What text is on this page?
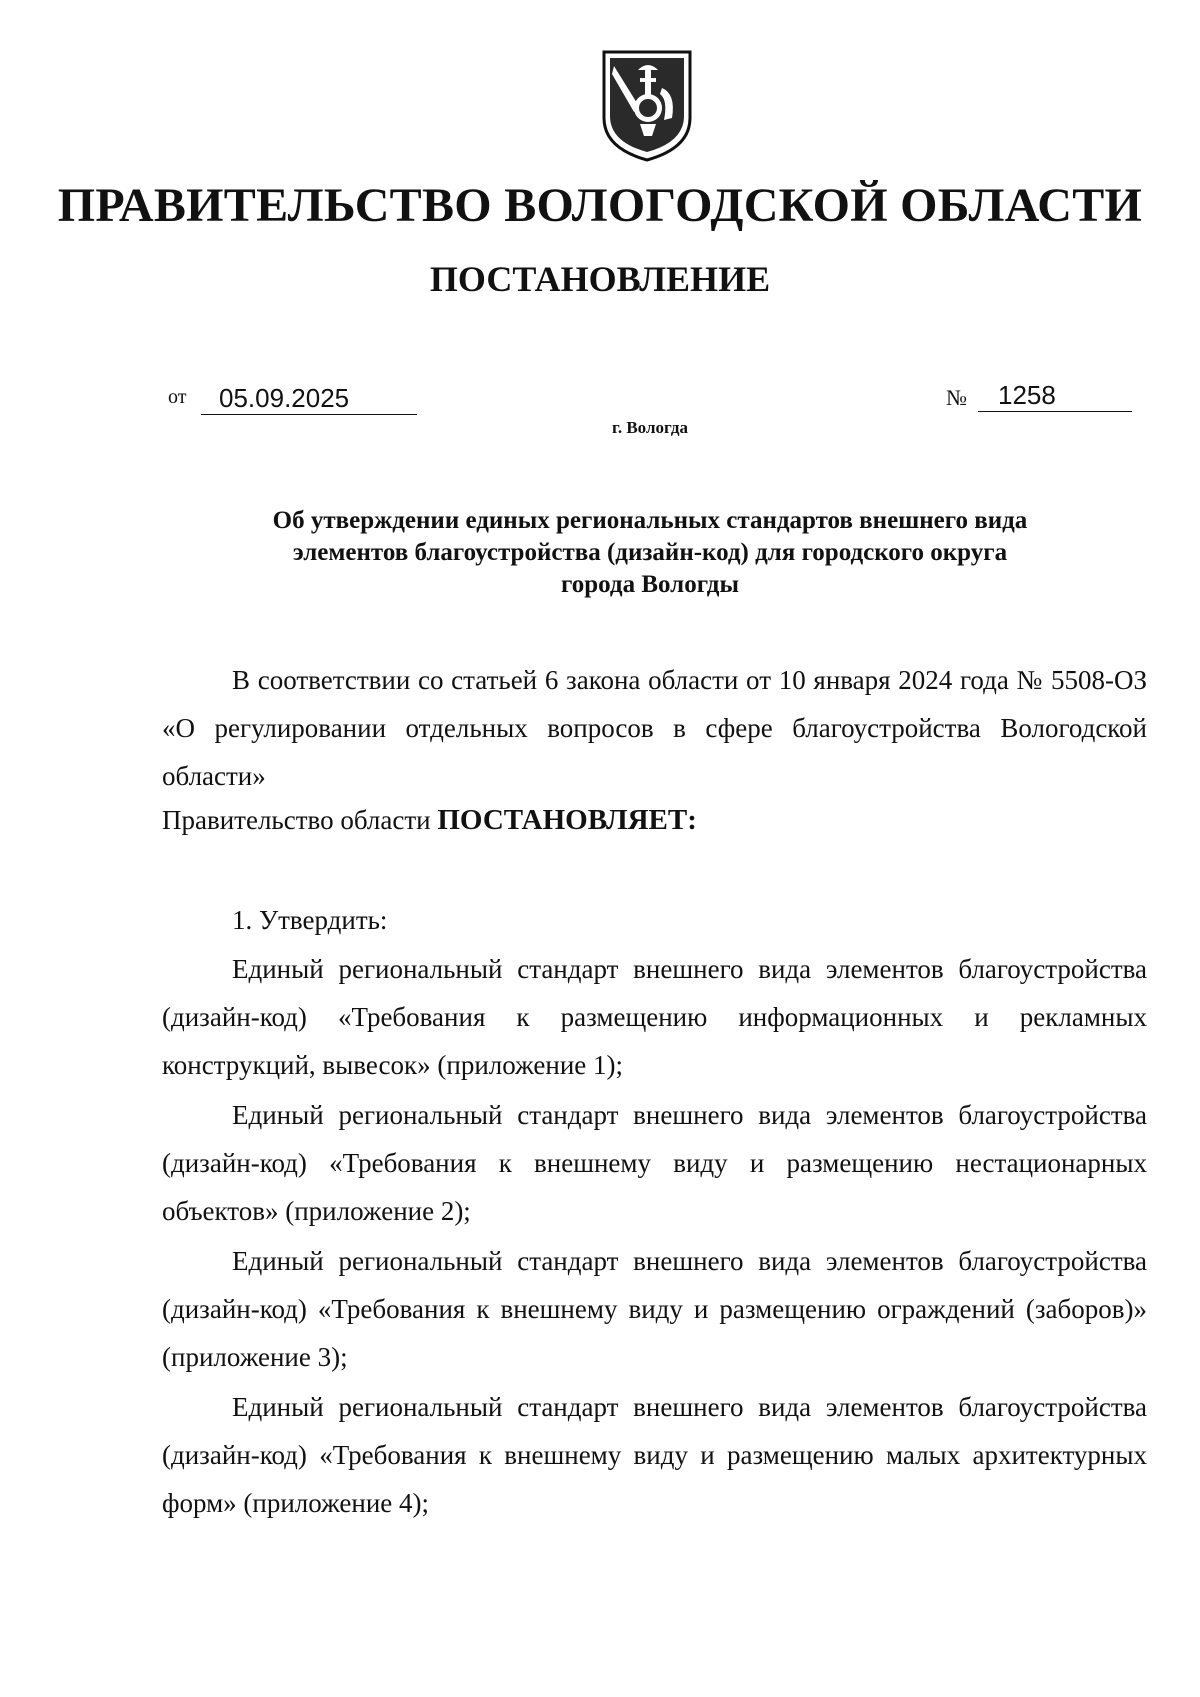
ПРАВИТЕЛЬСТВО ВОЛОГОДСКОЙ ОБЛАСТИ
ПОСТАНОВЛЕНИЕ
от	05.09.2025	№	1258
г. Вологда
Об утверждении единых региональных стандартов внешнего вида
элементов благоустройства (дизайн-код) для городского округа
города Вологды

В соответствии со статьей 6 закона области от 10 января 2024 года № 5508-ОЗ «О регулировании отдельных вопросов в сфере благоустройства Вологодской области»

Правительство области ПОСТАНОВЛЯЕТ:
1. Утвердить:

Единый региональный стандарт внешнего вида элементов благоустройства (дизайн-код) «Требования к размещению информационных и рекламных конструкций, вывесок» (приложение 1);

Единый региональный стандарт внешнего вида элементов благоустройства (дизайн-код) «Требования к внешнему виду и размещению нестационарных объектов» (приложение 2);

Единый региональный стандарт внешнего вида элементов благоустройства (дизайн-код) «Требования к внешнему виду и размещению ограждений (заборов)» (приложение 3);

Единый региональный стандарт внешнего вида элементов благоустройства (дизайн-код) «Требования к внешнему виду и размещению малых архитектурных форм» (приложение 4);
